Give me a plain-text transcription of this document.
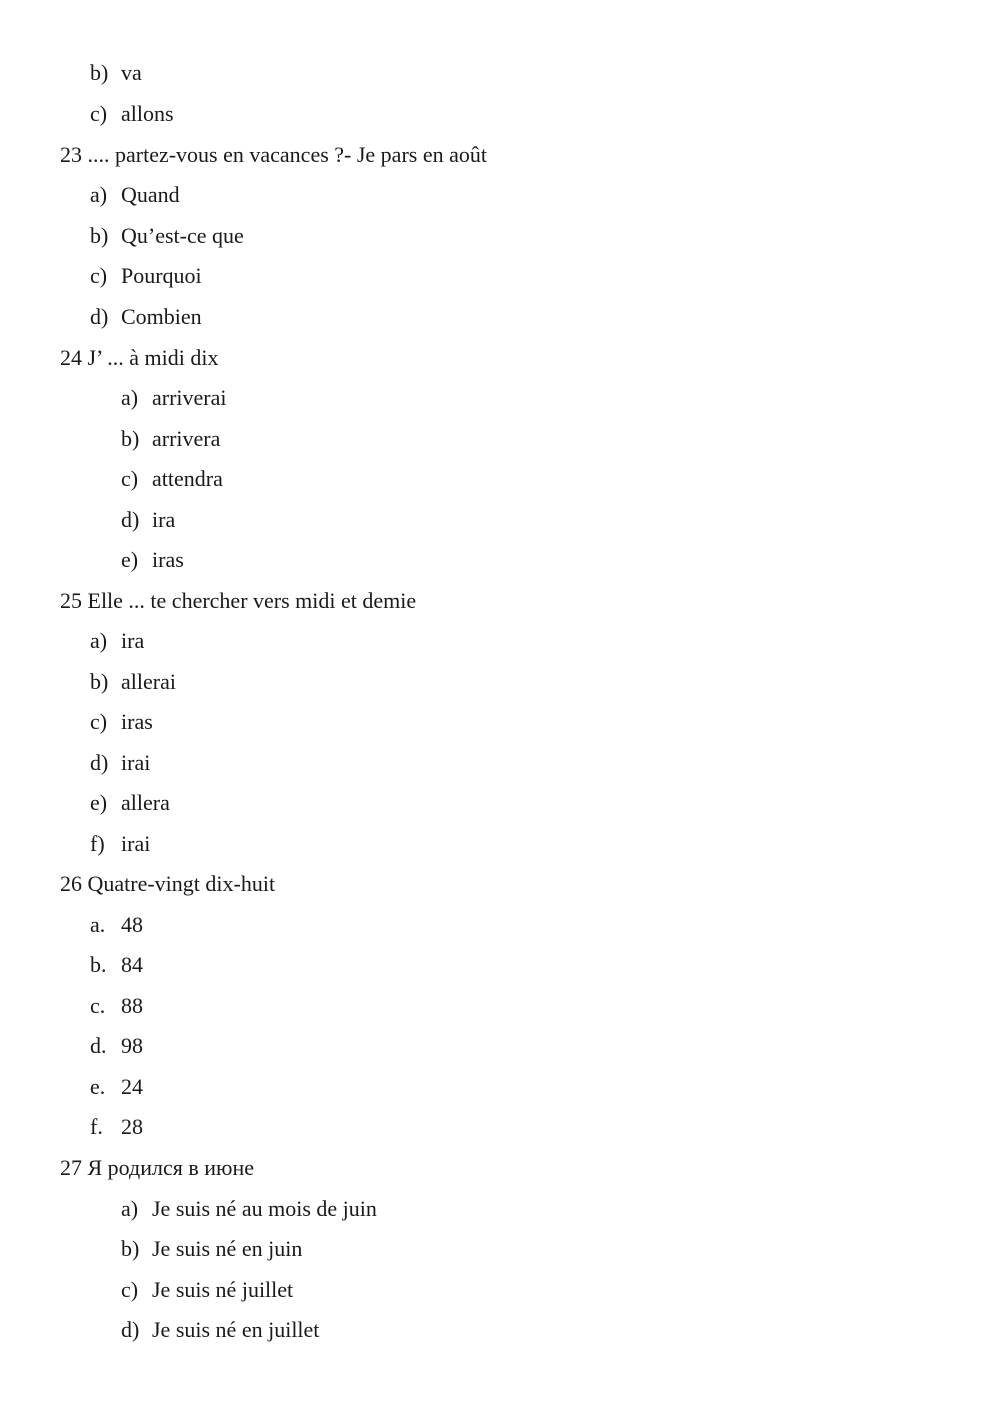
b) va
c) allons
23 .... partez-vous en vacances ?- Je pars en août
a) Quand
b) Qu’est-ce que
c) Pourquoi
d) Combien
24 J’ ... à midi dix
a) arriverai
b) arrivera
c) attendra
d) ira
e) iras
25 Elle ... te chercher vers midi et demie
a) ira
b) allerai
c) iras
d) irai
e) allera
f) irai
26 Quatre-vingt dix-huit
a. 48
b. 84
c. 88
d. 98
e. 24
f. 28
27 Я родился в июне
a) Je suis né au mois de juin
b) Je suis né en juin
c) Je suis né juillet
d) Je suis né en juillet
